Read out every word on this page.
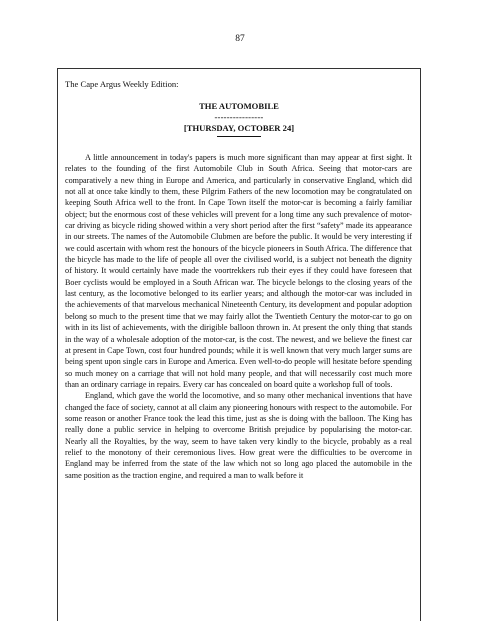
87
The Cape Argus Weekly Edition:
THE AUTOMOBILE
----------------
[THURSDAY, OCTOBER 24]

A little announcement in today's papers is much more significant than may appear at first sight. It relates to the founding of the first Automobile Club in South Africa. Seeing that motor-cars are comparatively a new thing in Europe and America, and particularly in conservative England, which did not all at once take kindly to them, these Pilgrim Fathers of the new locomotion may be congratulated on keeping South Africa well to the front. In Cape Town itself the motor-car is becoming a fairly familiar object; but the enormous cost of these vehicles will prevent for a long time any such prevalence of motor-car driving as bicycle riding showed within a very short period after the first “safety” made its appearance in our streets. The names of the Automobile Clubmen are before the public. It would be very interesting if we could ascertain with whom rest the honours of the bicycle pioneers in South Africa. The difference that the bicycle has made to the life of people all over the civilised world, is a subject not beneath the dignity of history. It would certainly have made the voortrekkers rub their eyes if they could have foreseen that Boer cyclists would be employed in a South African war. The bicycle belongs to the closing years of the last century, as the locomotive belonged to its earlier years; and although the motor-car was included in the achievements of that marvelous mechanical Nineteenth Century, its development and popular adoption belong so much to the present time that we may fairly allot the Twentieth Century the motor-car to go on with in its list of achievements, with the dirigible balloon thrown in. At present the only thing that stands in the way of a wholesale adoption of the motor-car, is the cost. The newest, and we believe the finest car at present in Cape Town, cost four hundred pounds; while it is well known that very much larger sums are being spent upon single cars in Europe and America. Even well-to-do people will hesitate before spending so much money on a carriage that will not hold many people, and that will necessarily cost much more than an ordinary carriage in repairs. Every car has concealed on board quite a workshop full of tools.

England, which gave the world the locomotive, and so many other mechanical inventions that have changed the face of society, cannot at all claim any pioneering honours with respect to the automobile. For some reason or another France took the lead this time, just as she is doing with the balloon. The King has really done a public service in helping to overcome British prejudice by popularising the motor-car. Nearly all the Royalties, by the way, seem to have taken very kindly to the bicycle, probably as a real relief to the monotony of their ceremonious lives. How great were the difficulties to be overcome in England may be inferred from the state of the law which not so long ago placed the automobile in the same position as the traction engine, and required a man to walk before it
